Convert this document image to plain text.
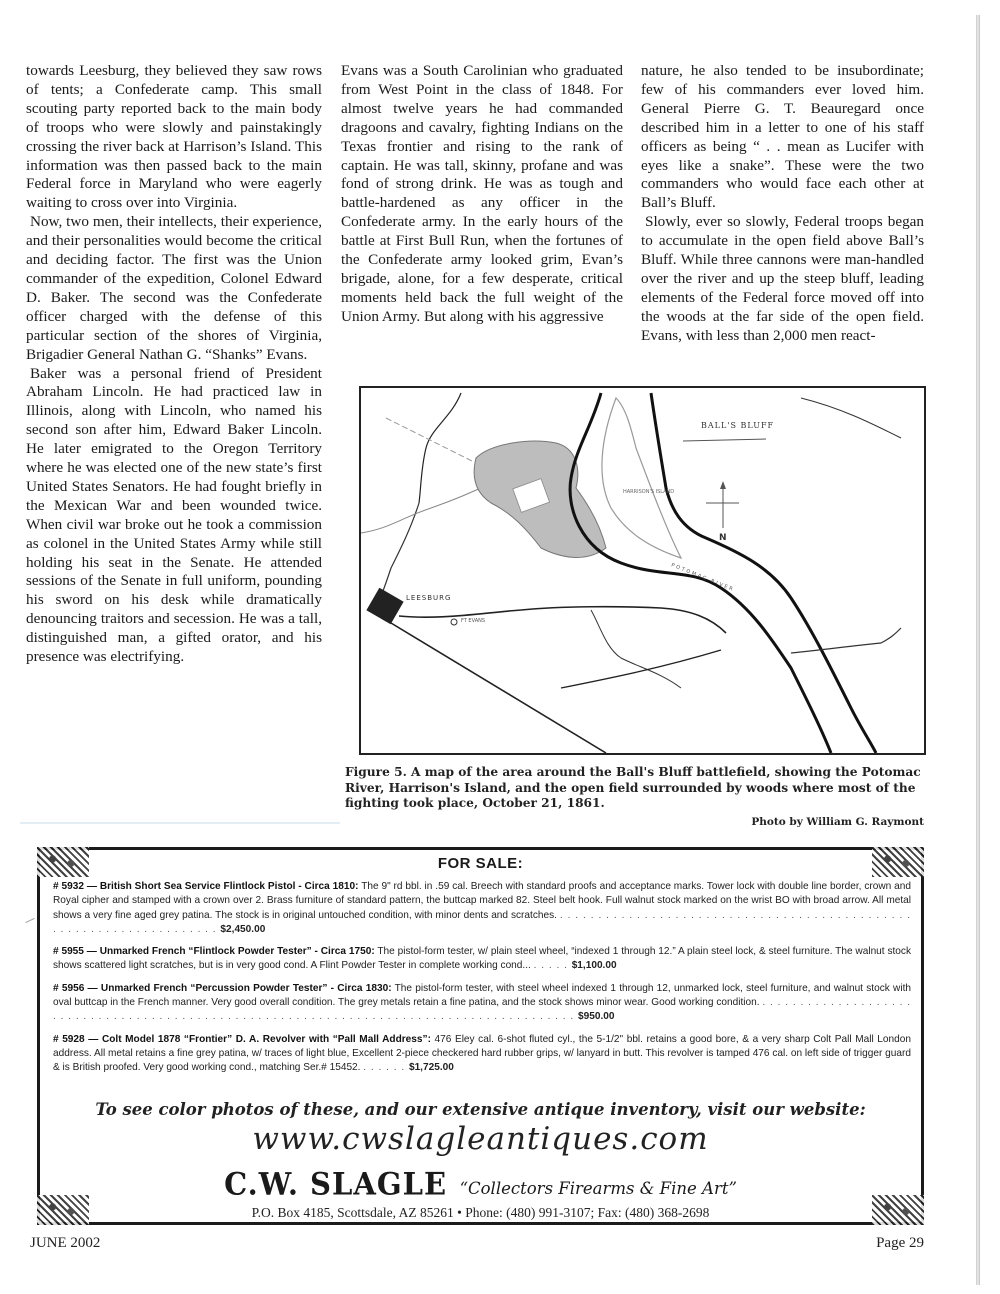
towards Leesburg, they believed they saw rows of tents; a Confederate camp. This small scouting party reported back to the main body of troops who were slowly and painstakingly crossing the river back at Harrison’s Island. This information was then passed back to the main Federal force in Maryland who were eagerly waiting to cross over into Virginia.

Now, two men, their intellects, their experience, and their personalities would become the critical and deciding factor. The first was the Union commander of the expedition, Colonel Edward D. Baker. The second was the Confederate officer charged with the defense of this particular section of the shores of Virginia, Brigadier General Nathan G. “Shanks” Evans.

Baker was a personal friend of President Abraham Lincoln. He had practiced law in Illinois, along with Lincoln, who named his second son after him, Edward Baker Lincoln. He later emigrated to the Oregon Territory where he was elected one of the new state’s first United States Senators. He had fought briefly in the Mexican War and been wounded twice. When civil war broke out he took a commission as colonel in the United States Army while still holding his seat in the Senate. He attended sessions of the Senate in full uniform, pounding his sword on his desk while dramatically denouncing traitors and secession. He was a tall, distinguished man, a gifted orator, and his presence was electrifying.

Evans was a South Carolinian who graduated from West Point in the class of 1848. For almost twelve years he had commanded dragoons and cavalry, fighting Indians on the Texas frontier and rising to the rank of captain. He was tall, skinny, profane and was fond of strong drink. He was as tough and battle-hardened as any officer in the Confederate army. In the early hours of the battle at First Bull Run, when the fortunes of the Confederate army looked grim, Evan’s brigade, alone, for a few desperate, critical moments held back the full weight of the Union Army. But along with his aggressive

nature, he also tended to be insubordinate; few of his commanders ever loved him. General Pierre G. T. Beauregard once described him in a letter to one of his staff officers as being “ . . mean as Lucifer with eyes like a snake”. These were the two commanders who would face each other at Ball’s Bluff.

Slowly, ever so slowly, Federal troops began to accumulate in the open field above Ball’s Bluff. While three cannons were man-handled over the river and up the steep bluff, leading elements of the Federal force moved off into the woods at the far side of the open field. Evans, with less than 2,000 men react-

HARRISON'S ISLAND
BALL'S BLUFF
N
POTOMAC RIVER
LEESBURG
FT EVANS
Figure 5. A map of the area around the Ball's Bluff battlefield, showing the Potomac River, Harrison's Island, and the open field surrounded by woods where most of the fighting took place, October 21, 1861.
Photo by William G. Raymont
FOR SALE:
# 5932 — British Short Sea Service Flintlock Pistol - Circa 1810: The 9" rd bbl. in .59 cal. Breech with standard proofs and acceptance marks. Tower lock with double line border, crown and Royal cipher and stamped with a crown over 2. Brass furniture of standard pattern, the buttcap marked 82. Steel belt hook. Full walnut stock marked on the wrist BO with broad arrow. All metal shows a very fine aged grey patina. The stock is in original untouched condition, with minor dents and scratches. . . . . . . . . . . . . . . . . . . . . . . . . . . . . . . . . . . . . . . . . . . . . . . . . . . . . . . . . . . . . . . . . . . . . $2,450.00
# 5955 — Unmarked French “Flintlock Powder Tester” - Circa 1750: The pistol-form tester, w/ plain steel wheel, “indexed 1 through 12.” A plain steel lock, & steel furniture. The walnut stock shows scattered light scratches, but is in very good cond. A Flint Powder Tester in complete working cond... . . . . . $1,100.00
# 5956 — Unmarked French “Percussion Powder Tester” - Circa 1830: The pistol-form tester, with steel wheel indexed 1 through 12, unmarked lock, steel furniture, and walnut stock with oval buttcap in the French manner. Very good overall condition. The grey metals retain a fine patina, and the stock shows minor wear. Good working condition. . . . . . . . . . . . . . . . . . . . . . . . . . . . . . . . . . . . . . . . . . . . . . . . . . . . . . . . . . . . . . . . . . . . . . . . . . . . . . . . . . . . . . . . . . $950.00
# 5928 — Colt Model 1878 “Frontier” D. A. Revolver with “Pall Mall Address”: 476 Eley cal. 6-shot fluted cyl., the 5-1/2" bbl. retains a good bore, & a very sharp Colt Pall Mall London address. All metal retains a fine grey patina, w/ traces of light blue, Excellent 2-piece checkered hard rubber grips, w/ lanyard in butt. This revolver is tamped 476 cal. on left side of trigger guard & is British proofed. Very good working cond., matching Ser.# 15452. . . . . . . $1,725.00
To see color photos of these, and our extensive antique inventory, visit our website:
www.cwslagleantiques.com
C.W. SLAGLE “Collectors Firearms & Fine Art”
P.O. Box 4185, Scottsdale, AZ 85261 • Phone: (480) 991-3107; Fax: (480) 368-2698
JUNE 2002	Page 29
